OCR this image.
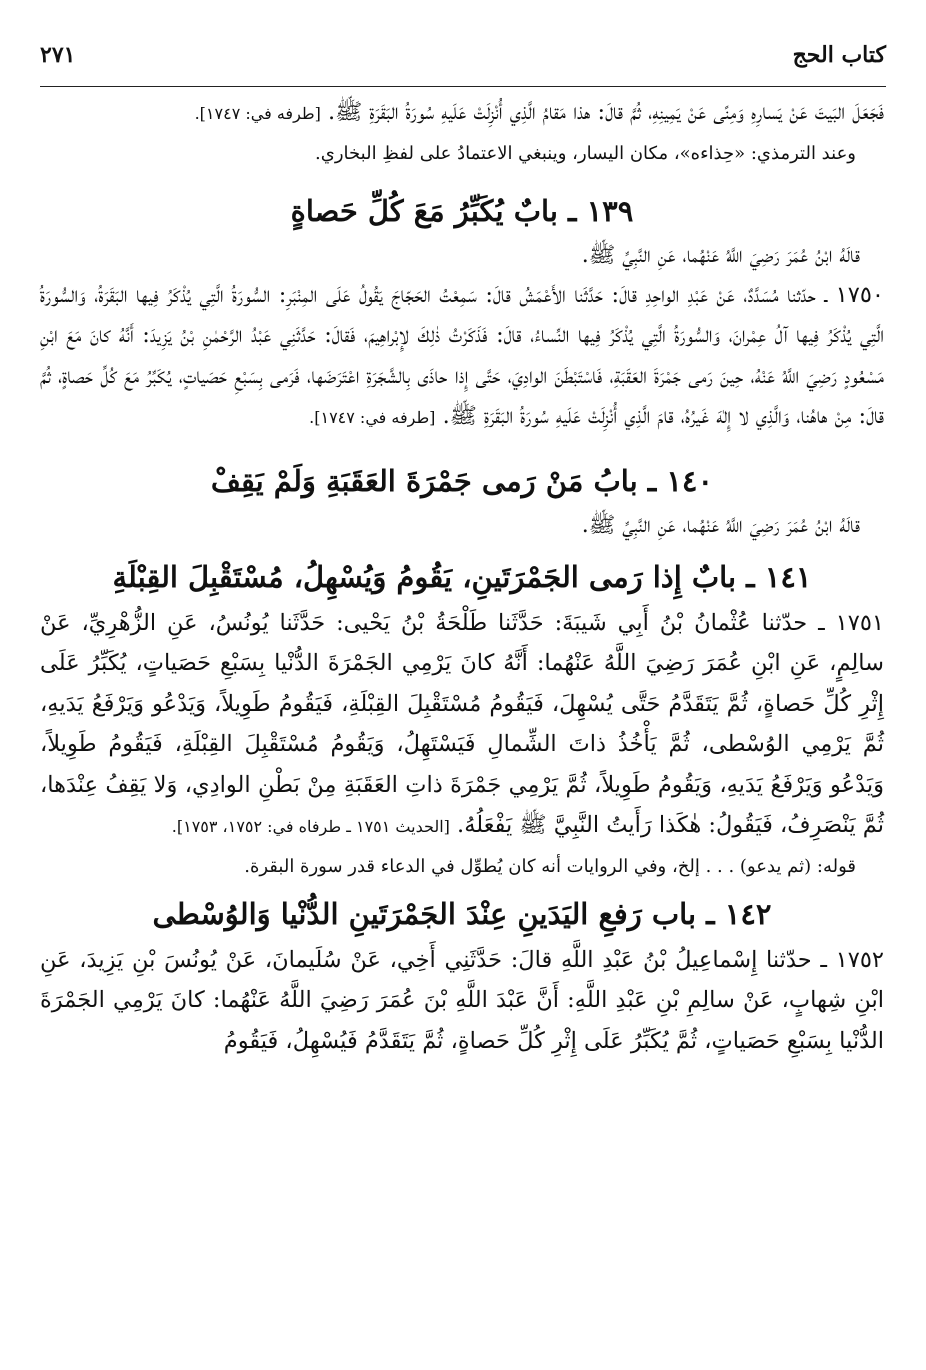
كتاب الحج
٢٧١

فَجَعَلَ البَيتَ عَنْ يَسارِهِ وَمِنًى عَنْ يَمِينِهِ، ثُمَّ قالَ: هذا مَقامُ الَّذِي أُنْزِلَتْ عَلَيهِ سُورَةُ البَقَرَةِ ﷺ. [طرفه في: ١٧٤٧].

وعند الترمذي: «حِذاءه»، مكان اليسار، وينبغي الاعتمادُ على لفظِ البخاري.

١٣٩ ـ بابٌ يُكَبِّرُ مَعَ كُلِّ حَصاةٍ

قالَهُ ابْنُ عُمَرَ رَضِيَ اللَّهُ عَنْهُما، عَنِ النَّبِيِّ ﷺ.

١٧٥٠ ـ حدّثنا مُسَدَّدٌ، عَنْ عَبْدِ الواحِدِ قالَ: حَدَّثَنا الأَعْمَشُ قالَ: سَمِعْتُ الحَجّاجَ يَقُولُ عَلَى المِنْبَرِ: السُّورَةُ الَّتِي يُذْكَرُ فِيها البَقَرَةُ، وَالسُّورَةُ الَّتِي يُذْكَرُ فِيها آلُ عِمْرانَ، وَالسُّورَةُ الَّتِي يُذْكَرُ فِيها النِّساءُ، قالَ: فَذَكَرْتُ ذٰلِكَ لإِبْراهِيمَ، فَقالَ: حَدَّثَنِي عَبْدُ الرَّحْمٰنِ بْنُ يَزِيدَ: أَنَّهُ كانَ مَعَ ابْنِ مَسْعُودٍ رَضِيَ اللَّهُ عَنْهُ، حِينَ رَمى جَمْرَةَ العَقَبَةِ، فَاسْتَبْطَنَ الوادِيَ، حَتَّى إِذا حاذَى بِالشَّجَرَةِ اعْتَرَضَها، فَرَمى بِسَبْعِ حَصَياتٍ، يُكَبِّرُ مَعَ كُلِّ حَصاةٍ، ثُمَّ قالَ: مِنْ هاهُنا، وَالَّذِي لا إِلٰهَ غَيرُهُ، قامَ الَّذِي أُنْزِلَتْ عَلَيهِ سُورَةُ البَقَرَةِ ﷺ. [طرفه في: ١٧٤٧].

١٤٠ ـ بابُ مَنْ رَمى جَمْرَةَ العَقَبَةِ وَلَمْ يَقِفْ

قالَهُ ابْنُ عُمَرَ رَضِيَ اللَّهُ عَنْهُما، عَنِ النَّبِيِّ ﷺ.

١٤١ ـ بابٌ إِذا رَمى الجَمْرَتَينِ، يَقُومُ وَيُسْهِلُ، مُسْتَقْبِلَ القِبْلَةِ

١٧٥١ ـ حدّثنا عُثْمانُ بْنُ أَبِي شَيبَةَ: حَدَّثَنا طَلْحَةُ بْنُ يَحْيى: حَدَّثَنا يُونُسُ، عَنِ الزُّهْرِيِّ، عَنْ سالِمٍ، عَنِ ابْنِ عُمَرَ رَضِيَ اللَّهُ عَنْهُما: أَنَّهُ كانَ يَرْمِي الجَمْرَةَ الدُّنْيا بِسَبْعِ حَصَياتٍ، يُكَبِّرُ عَلَى إِثْرِ كُلِّ حَصاةٍ، ثُمَّ يَتَقَدَّمُ حَتَّى يُسْهِلَ، فَيَقُومُ مُسْتَقْبِلَ القِبْلَةِ، فَيَقُومُ طَوِيلاً، وَيَدْعُو وَيَرْفَعُ يَدَيهِ، ثُمَّ يَرْمِي الوُسْطى، ثُمَّ يَأْخُذُ ذاتَ الشِّمالِ فَيَسْتَهِلُ، وَيَقُومُ مُسْتَقْبِلَ القِبْلَةِ، فَيَقُومُ طَوِيلاً، وَيَدْعُو وَيَرْفَعُ يَدَيهِ، وَيَقُومُ طَوِيلاً، ثُمَّ يَرْمِي جَمْرَةَ ذاتِ العَقَبَةِ مِنْ بَطْنِ الوادِي، وَلا يَقِفُ عِنْدَها، ثُمَّ يَنْصَرِفُ، فَيَقُولُ: هٰكَذا رَأَيتُ النَّبِيَّ ﷺ يَفْعَلُهُ. [الحديث ١٧٥١ ـ طرفاه في: ١٧٥٢، ١٧٥٣].

قوله: (ثم يدعو) . . . إلخ، وفي الروايات أنه كان يُطوِّل في الدعاء قدر سورة البقرة.

١٤٢ ـ باب رَفعِ اليَدَينِ عِنْدَ الجَمْرَتَينِ الدُّنْيا وَالوُسْطى

١٧٥٢ ـ حدّثنا إِسْماعِيلُ بْنُ عَبْدِ اللَّهِ قالَ: حَدَّثَنِي أَخِي، عَنْ سُلَيمانَ، عَنْ يُونُسَ بْنِ يَزِيدَ، عَنِ ابْنِ شِهابٍ، عَنْ سالِمِ بْنِ عَبْدِ اللَّهِ: أَنَّ عَبْدَ اللَّهِ بْنَ عُمَرَ رَضِيَ اللَّهُ عَنْهُما: كانَ يَرْمِي الجَمْرَةَ الدُّنْيا بِسَبْعِ حَصَياتٍ، ثُمَّ يُكَبِّرُ عَلَى إِثْرِ كُلِّ حَصاةٍ، ثُمَّ يَتَقَدَّمُ فَيُسْهِلُ، فَيَقُومُ
